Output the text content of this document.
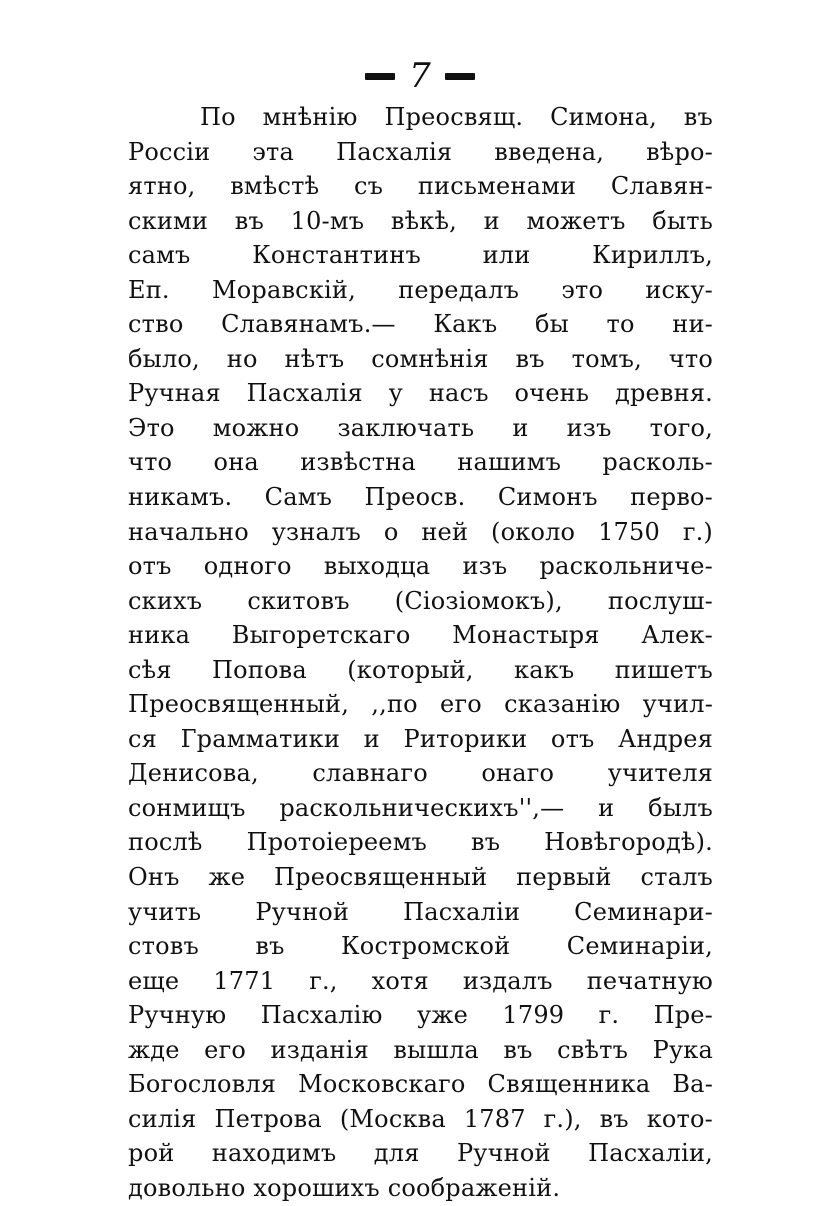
7
По мнѣнію Преосвящ. Симона, въ
Россіи эта Пасхалія введена, вѣро-
ятно, вмѣстѣ съ письменами Славян-
скими въ 10-мъ вѣкѣ, и можетъ быть
самъ Константинъ или Кириллъ,
Еп. Моравскій, передалъ это иску-
ство Славянамъ.— Какъ бы то ни-
было, но нѣтъ сомнѣнія въ томъ, что
Ручная Пасхалія у насъ очень древня.
Это можно заключать и изъ того,
что она извѣстна нашимъ расколь-
никамъ. Самъ Преосв. Симонъ перво-
начально узналъ о ней (около 1750 г.)
отъ одного выходца изъ раскольниче-
скихъ скитовъ (Сіозіомокъ), послуш-
ника Выгоретскаго Монастыря Алек-
сѣя Попова (который, какъ пишетъ
Преосвященный, ,,по его сказанію учил-
ся Грамматики и Риторики отъ Андрея
Денисова, славнаго онаго учителя
сонмищъ раскольническихъ'',— и былъ
послѣ Протоіереемъ въ Новѣгородѣ).
Онъ же Преосвященный первый сталъ
учить Ручной Пасхаліи Семинари-
стовъ въ Костромской Семинаріи,
еще 1771 г., хотя издалъ печатную
Ручную Пасхалію уже 1799 г. Пре-
жде его изданія вышла въ свѣтъ Рука
Богословля Московскаго Священника Ва-
силія Петрова (Москва 1787 г.), въ кото-
рой находимъ для Ручной Пасхаліи,
довольно хорошихъ соображеній.
